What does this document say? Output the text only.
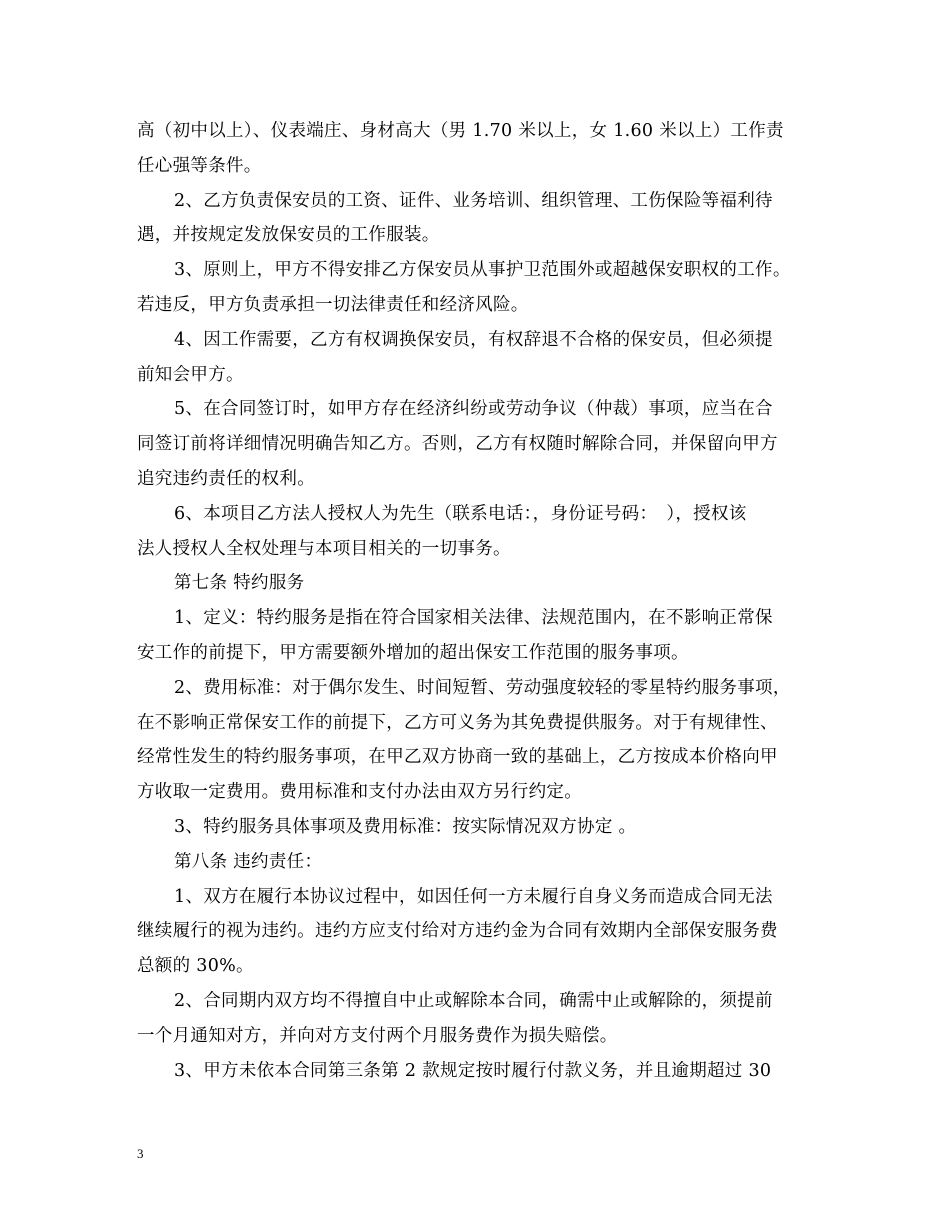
高（初中以上）、仪表端庄、身材高大（男 1.70 米以上，女 1.60 米以上）工作责
任心强等条件。
2、乙方负责保安员的工资、证件、业务培训、组织管理、工伤保险等福利待
遇，并按规定发放保安员的工作服装。
3、原则上，甲方不得安排乙方保安员从事护卫范围外或超越保安职权的工作。
若违反，甲方负责承担一切法律责任和经济风险。
4、因工作需要，乙方有权调换保安员，有权辞退不合格的保安员，但必须提
前知会甲方。
5、在合同签订时，如甲方存在经济纠纷或劳动争议（仲裁）事项，应当在合
同签订前将详细情况明确告知乙方。否则，乙方有权随时解除合同，并保留向甲方
追究违约责任的权利。
6、本项目乙方法人授权人为先生（联系电话：，身份证号码：　），授权该
法人授权人全权处理与本项目相关的一切事务。
第七条 特约服务
1、定义：特约服务是指在符合国家相关法律、法规范围内，在不影响正常保
安工作的前提下，甲方需要额外增加的超出保安工作范围的服务事项。
2、费用标准：对于偶尔发生、时间短暂、劳动强度较轻的零星特约服务事项，
在不影响正常保安工作的前提下，乙方可义务为其免费提供服务。对于有规律性、
经常性发生的特约服务事项，在甲乙双方协商一致的基础上，乙方按成本价格向甲
方收取一定费用。费用标准和支付办法由双方另行约定。
3、特约服务具体事项及费用标准：按实际情况双方协定 。
第八条 违约责任：
1、双方在履行本协议过程中，如因任何一方未履行自身义务而造成合同无法
继续履行的视为违约。违约方应支付给对方违约金为合同有效期内全部保安服务费
总额的 30%。
2、合同期内双方均不得擅自中止或解除本合同，确需中止或解除的，须提前
一个月通知对方，并向对方支付两个月服务费作为损失赔偿。
3、甲方未依本合同第三条第 2 款规定按时履行付款义务，并且逾期超过 30
3
